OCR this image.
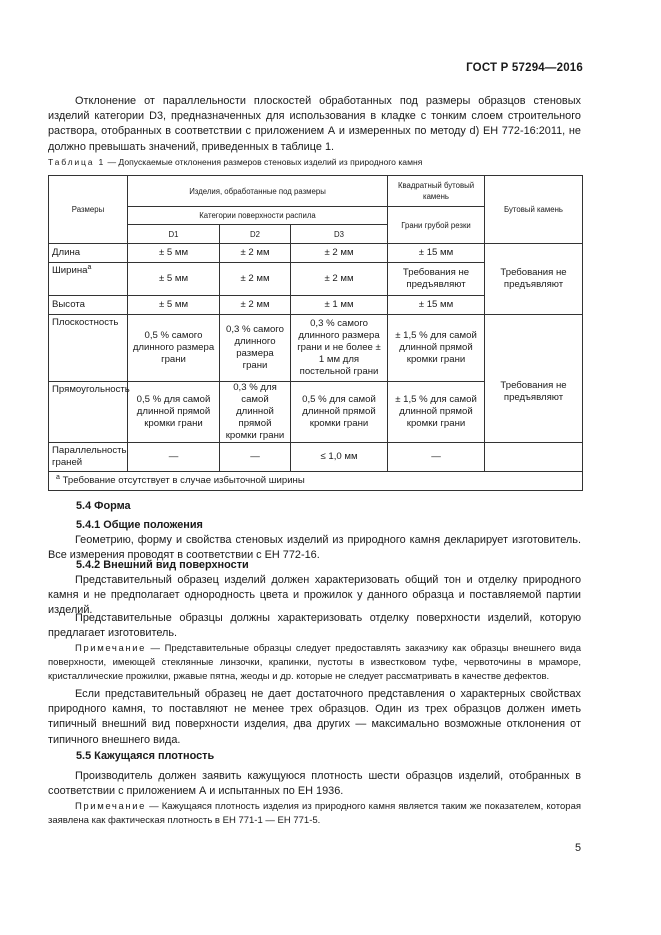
ГОСТ Р 57294—2016

Отклонение от параллельности плоскостей обработанных под размеры образцов стеновых изделий категории D3, предназначенных для использования в кладке с тонким слоем строительного раствора, отобранных в соответствии с приложением А и измеренных по методу d) ЕН 772-16:2011, не должно превышать значений, приведенных в таблице 1.

Таблица 1 — Допускаемые отклонения размеров стеновых изделий из природного камня
Размеры	Изделия, обработанные под размеры			Квадратный бутовый камень	Бутовый камень
	Категории поверхности распила			Грани грубой резки	
	D1	D2	D3		
Длина	± 5 мм	± 2 мм	± 2 мм	± 15 мм	Требования не предъявляют
Ширина$^а$	± 5 мм	± 2 мм	± 2 мм	Требования не предъявляют	
Высота	± 5 мм	± 2 мм	± 1 мм	± 15 мм	
Плоскостность	0,5 % самого длинного размера грани	0,3 % самого длинного размера грани	0,3 % самого длинного размера грани и не более ± 1 мм для постельной грани	± 1,5 % для самой длинной прямой кромки грани	Требования не предъявляют
Прямоугольность	0,5 % для самой длинной прямой кромки грани	0,3 % для самой длинной прямой кромки грани	0,5 % для самой длинной прямой кромки грани	± 1,5 % для самой длинной прямой кромки грани	
Параллельность граней	—	—	≤ 1,0 мм	—	
$^а$ Требование отсутствует в случае избыточной ширины					
5.4 Форма
5.4.1 Общие положения

Геометрию, форму и свойства стеновых изделий из природного камня декларирует изготовитель. Все измерения проводят в соответствии с ЕН 772-16.

5.4.2 Внешний вид поверхности

Представительный образец изделий должен характеризовать общий тон и отделку природного камня и не предполагает однородность цвета и прожилок у данного образца и поставляемой партии изделий.

Представительные образцы должны характеризовать отделку поверхности изделий, которую предлагает изготовитель.

Примечание — Представительные образцы следует предоставлять заказчику как образцы внешнего вида поверхности, имеющей стеклянные линзочки, крапинки, пустоты в известковом туфе, червоточины в мраморе, кристаллические прожилки, ржавые пятна, жеоды и др. которые не следует рассматривать в качестве дефектов.

Если представительный образец не дает достаточного представления о характерных свойствах природного камня, то поставляют не менее трех образцов. Один из трех образцов должен иметь типичный внешний вид поверхности изделия, два других — максимально возможные отклонения от типичного внешнего вида.

5.5 Кажущаяся плотность

Производитель должен заявить кажущуюся плотность шести образцов изделий, отобранных в соответствии с приложением А и испытанных по ЕН 1936.

Примечание — Кажущаяся плотность изделия из природного камня является таким же показателем, которая заявлена как фактическая плотность в ЕН 771-1 — ЕН 771-5.

5
